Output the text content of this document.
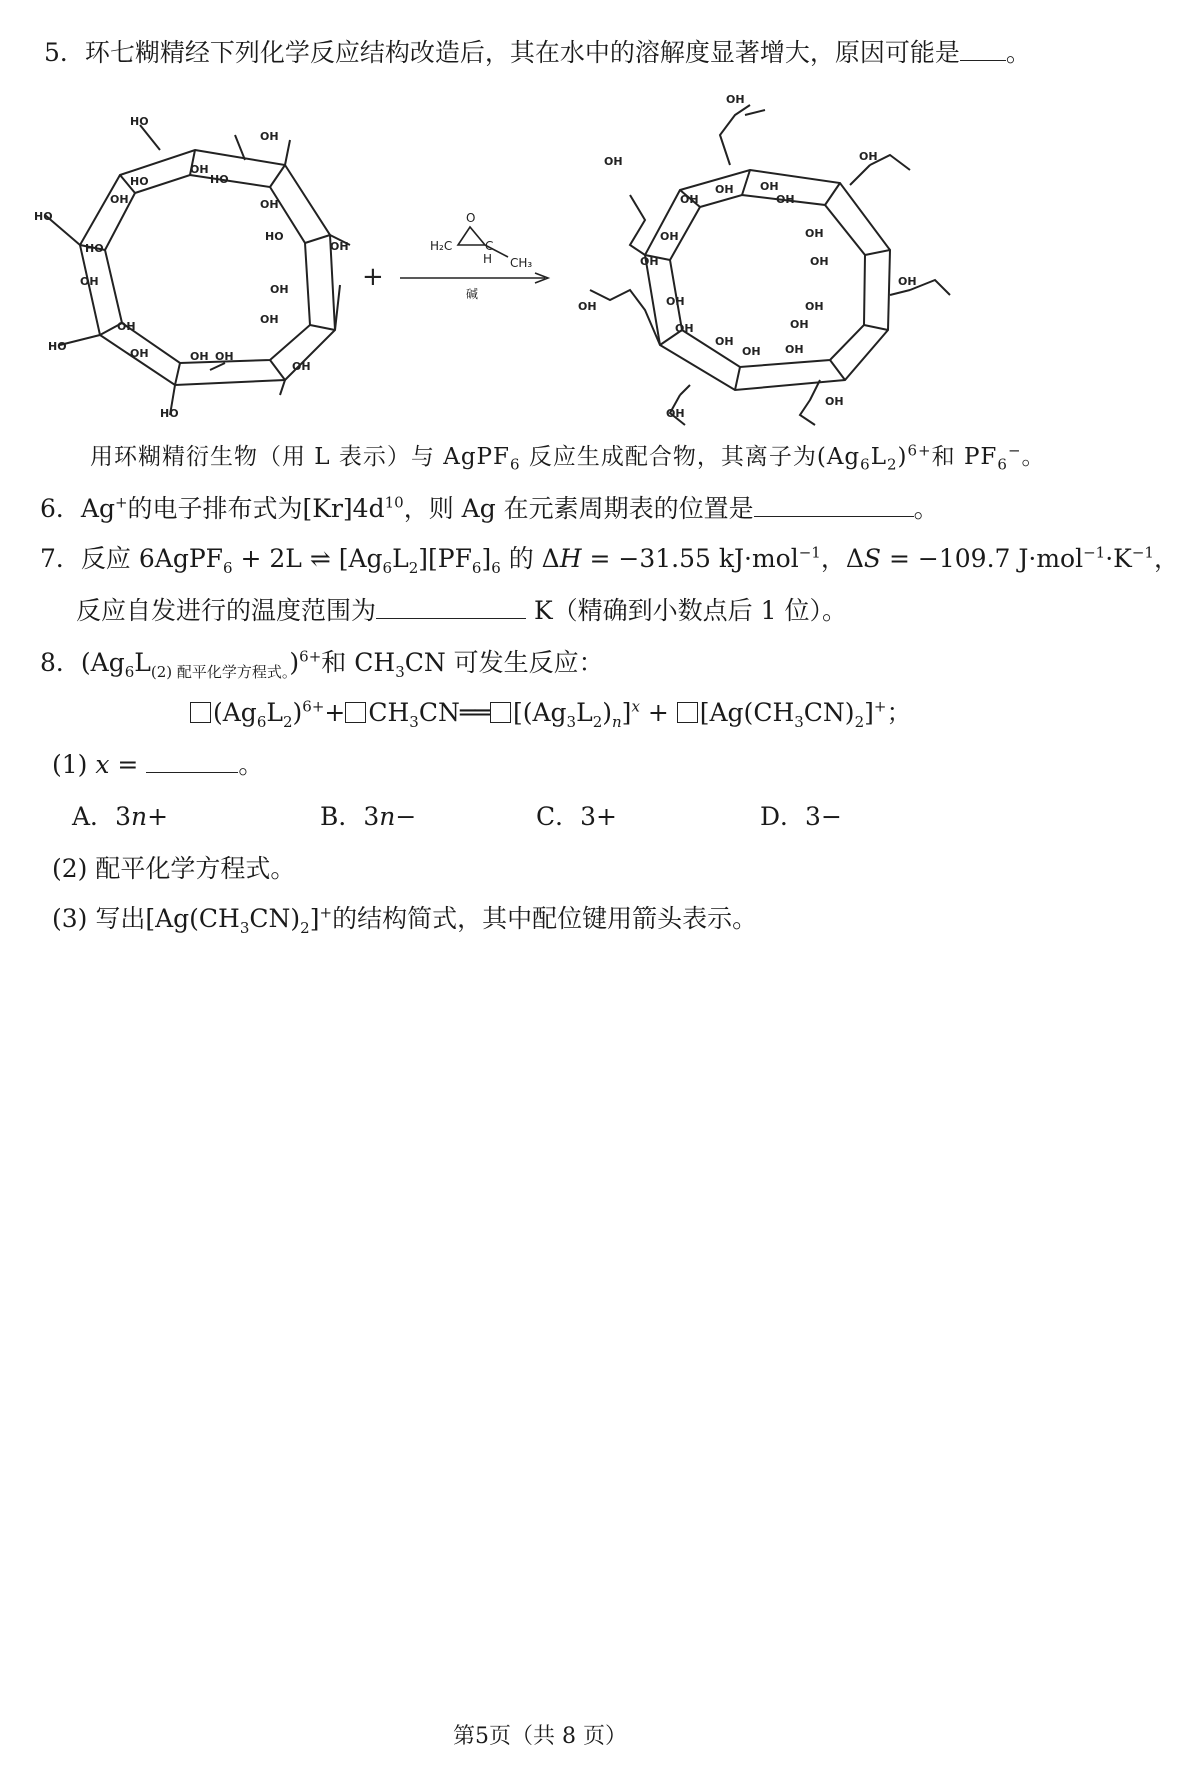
5．环七糊精经下列化学反应结构改造后，其在水中的溶解度显著增大，原因可能是 。
HO
OH
OH
HO
HO
OH	OH
HO
HO
HO	OH
OH
OH
OH
OH
HO
OH	OH OH
OH
HO
+
O
H₂C	C
H CH₃
碱
OH
OH	OH
OH OH
OH	OH
OH	OH
OH	OH
OH
OH	OH	OH
OH	OH
OH
OH OH
OH
OH
用环糊精衍生物（用 L 表示）与 AgPF$_6$ 反应生成配合物，其离子为$(Ag_6L_2)^{6+}$和 $PF_6^-$。
6．Ag+的电子排布式为$[Kr]4d^{10}$，则 Ag 在元素周期表的位置是	。
7．反应 6AgPF$_6$ + 2L ⇌ $[Ag_6L_2][PF_6]_6$ 的 ΔH = −31.55 kJ·mol$^{-1}$，ΔS = −109.7 $J\cdot mol^{-1}\cdot K^{-1}$，
反应自发进行的温度范围为	K（精确到小数点后 1 位）。
8．$(Ag_6L_{(2) 配平化学方程式。})^{6+}$和 $CH_3CN$ 可发生反应：
$(Ag_6L_2)^{6+}+$ $CH_3CN══$ $[(Ag_3L_2)_n]^x + [Ag(CH_3CN)_2]^+$；
(1) x =	。
A．3n+	B．3n−	C．3+	D．3−
(2) 配平化学方程式。
(3) 写出$[Ag(CH_3CN)_2]^+$的结构简式，其中配位键用箭头表示。
第5页（共 8 页）
